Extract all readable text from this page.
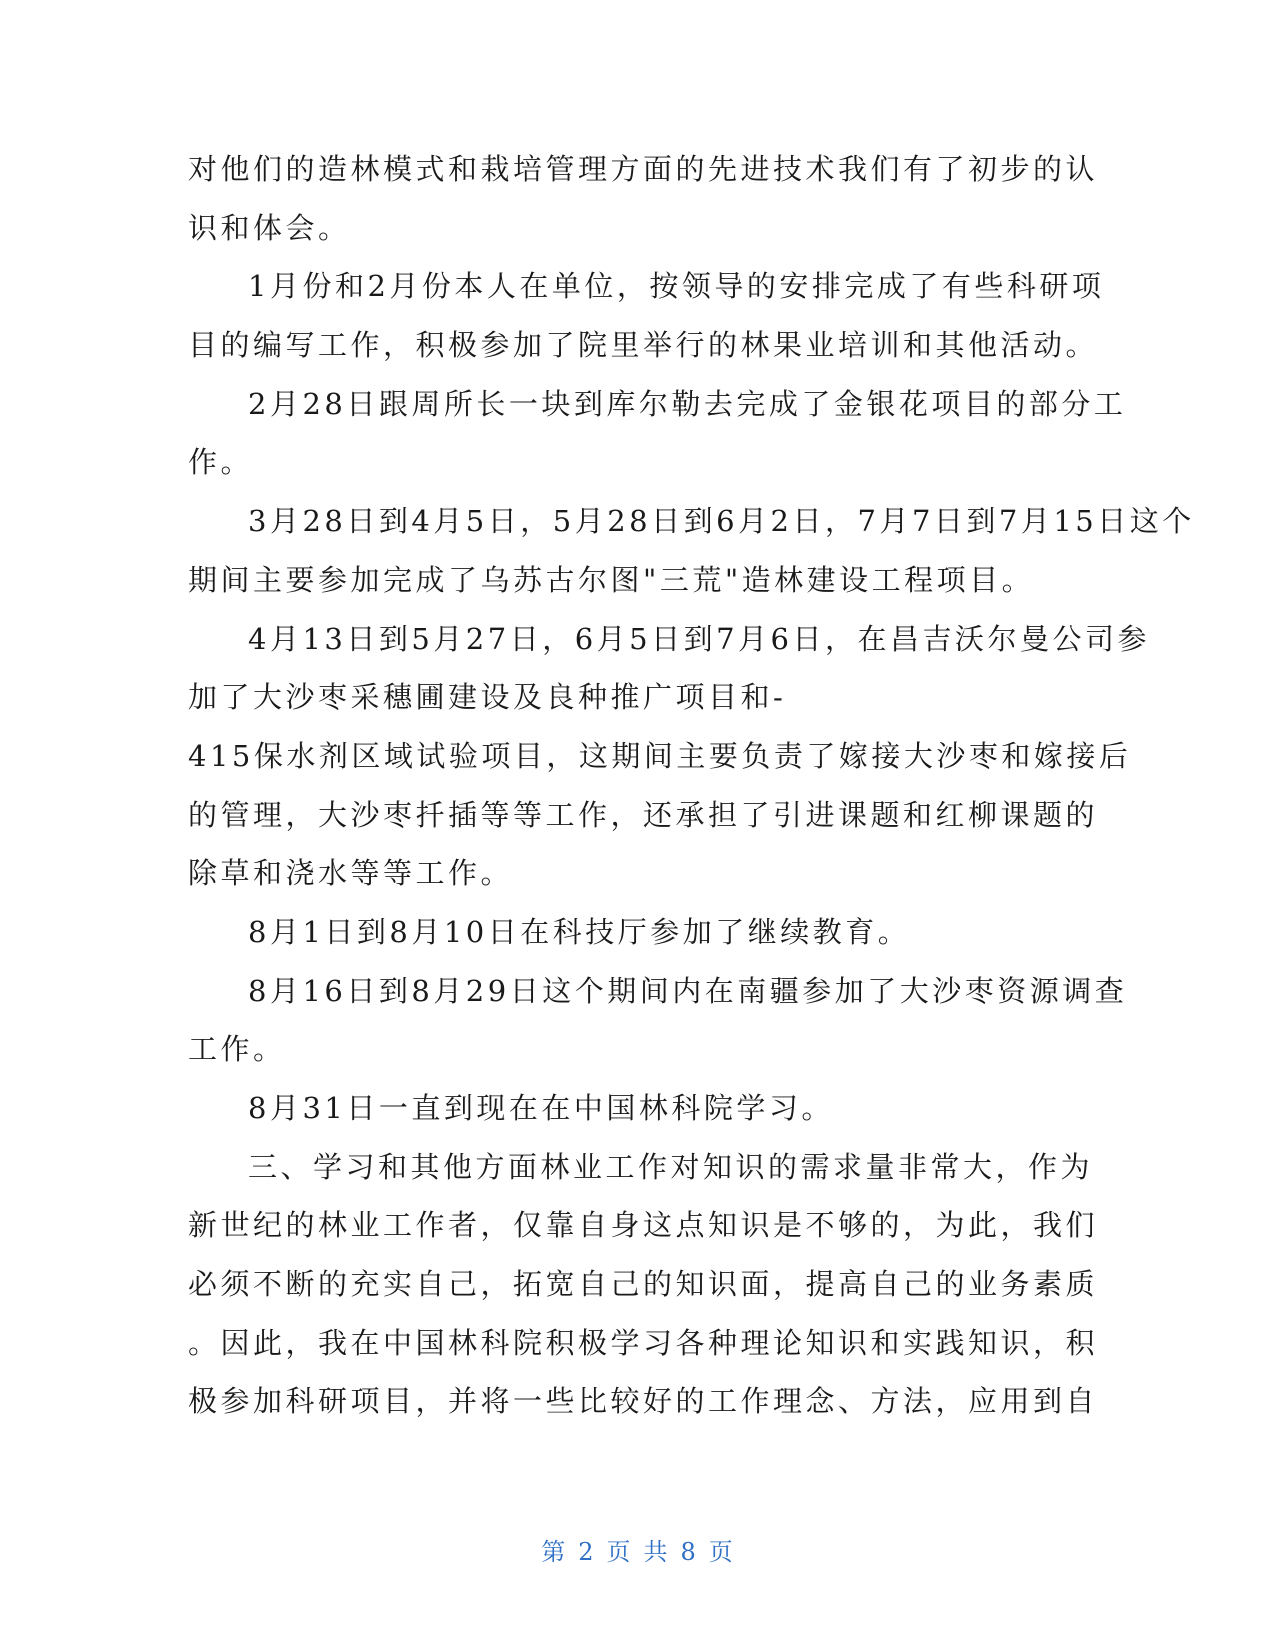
对他们的造林模式和栽培管理方面的先进技术我们有了初步的认
识和体会。
1月份和2月份本人在单位，按领导的安排完成了有些科研项
目的编写工作，积极参加了院里举行的林果业培训和其他活动。
2月28日跟周所长一块到库尔勒去完成了金银花项目的部分工
作。
3月28日到4月5日，5月28日到6月2日，7月7日到7月15日这个
期间主要参加完成了乌苏古尔图"三荒"造林建设工程项目。
4月13日到5月27日，6月5日到7月6日，在昌吉沃尔曼公司参
加了大沙枣采穗圃建设及良种推广项目和-
415保水剂区域试验项目，这期间主要负责了嫁接大沙枣和嫁接后
的管理，大沙枣扦插等等工作，还承担了引进课题和红柳课题的
除草和浇水等等工作。
8月1日到8月10日在科技厅参加了继续教育。
8月16日到8月29日这个期间内在南疆参加了大沙枣资源调查
工作。
8月31日一直到现在在中国林科院学习。
三、学习和其他方面林业工作对知识的需求量非常大，作为
新世纪的林业工作者，仅靠自身这点知识是不够的，为此，我们
必须不断的充实自己，拓宽自己的知识面，提高自己的业务素质
。因此，我在中国林科院积极学习各种理论知识和实践知识，积
极参加科研项目，并将一些比较好的工作理念、方法，应用到自
第 2 页 共 8 页
